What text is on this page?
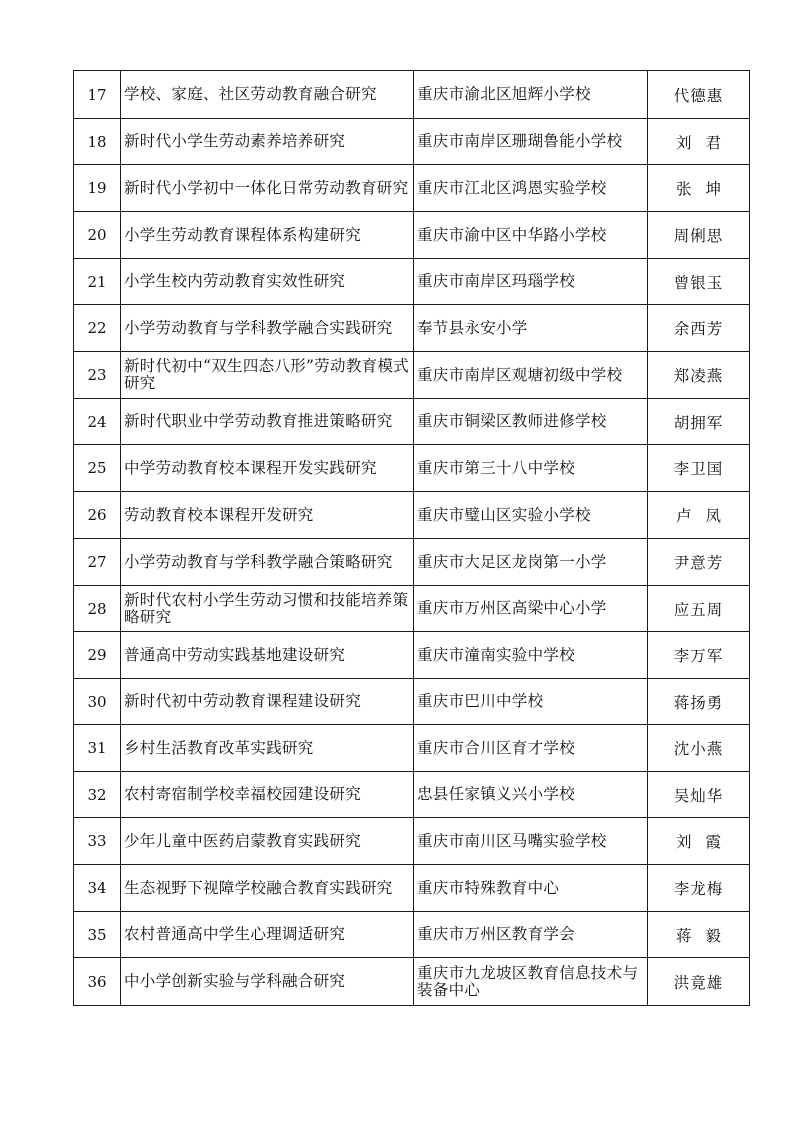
17	学校、家庭、社区劳动教育融合研究	重庆市渝北区旭辉小学校	代德惠
18	新时代小学生劳动素养培养研究	重庆市南岸区珊瑚鲁能小学校	刘君
19	新时代小学初中一体化日常劳动教育研究	重庆市江北区鸿恩实验学校	张坤
20	小学生劳动教育课程体系构建研究	重庆市渝中区中华路小学校	周俐思
21	小学生校内劳动教育实效性研究	重庆市南岸区玛瑙学校	曾银玉
22	小学劳动教育与学科教学融合实践研究	奉节县永安小学	余西芳
23	新时代初中“双生四态八形”劳动教育模式研究	重庆市南岸区观塘初级中学校	郑凌燕
24	新时代职业中学劳动教育推进策略研究	重庆市铜梁区教师进修学校	胡拥军
25	中学劳动教育校本课程开发实践研究	重庆市第三十八中学校	李卫国
26	劳动教育校本课程开发研究	重庆市璧山区实验小学校	卢凤
27	小学劳动教育与学科教学融合策略研究	重庆市大足区龙岗第一小学	尹意芳
28	新时代农村小学生劳动习惯和技能培养策略研究	重庆市万州区高梁中心小学	应五周
29	普通高中劳动实践基地建设研究	重庆市潼南实验中学校	李万军
30	新时代初中劳动教育课程建设研究	重庆市巴川中学校	蒋扬勇
31	乡村生活教育改革实践研究	重庆市合川区育才学校	沈小燕
32	农村寄宿制学校幸福校园建设研究	忠县任家镇义兴小学校	吴灿华
33	少年儿童中医药启蒙教育实践研究	重庆市南川区马嘴实验学校	刘霞
34	生态视野下视障学校融合教育实践研究	重庆市特殊教育中心	李龙梅
35	农村普通高中学生心理调适研究	重庆市万州区教育学会	蒋毅
36	中小学创新实验与学科融合研究	重庆市九龙坡区教育信息技术与装备中心	洪竟雄
